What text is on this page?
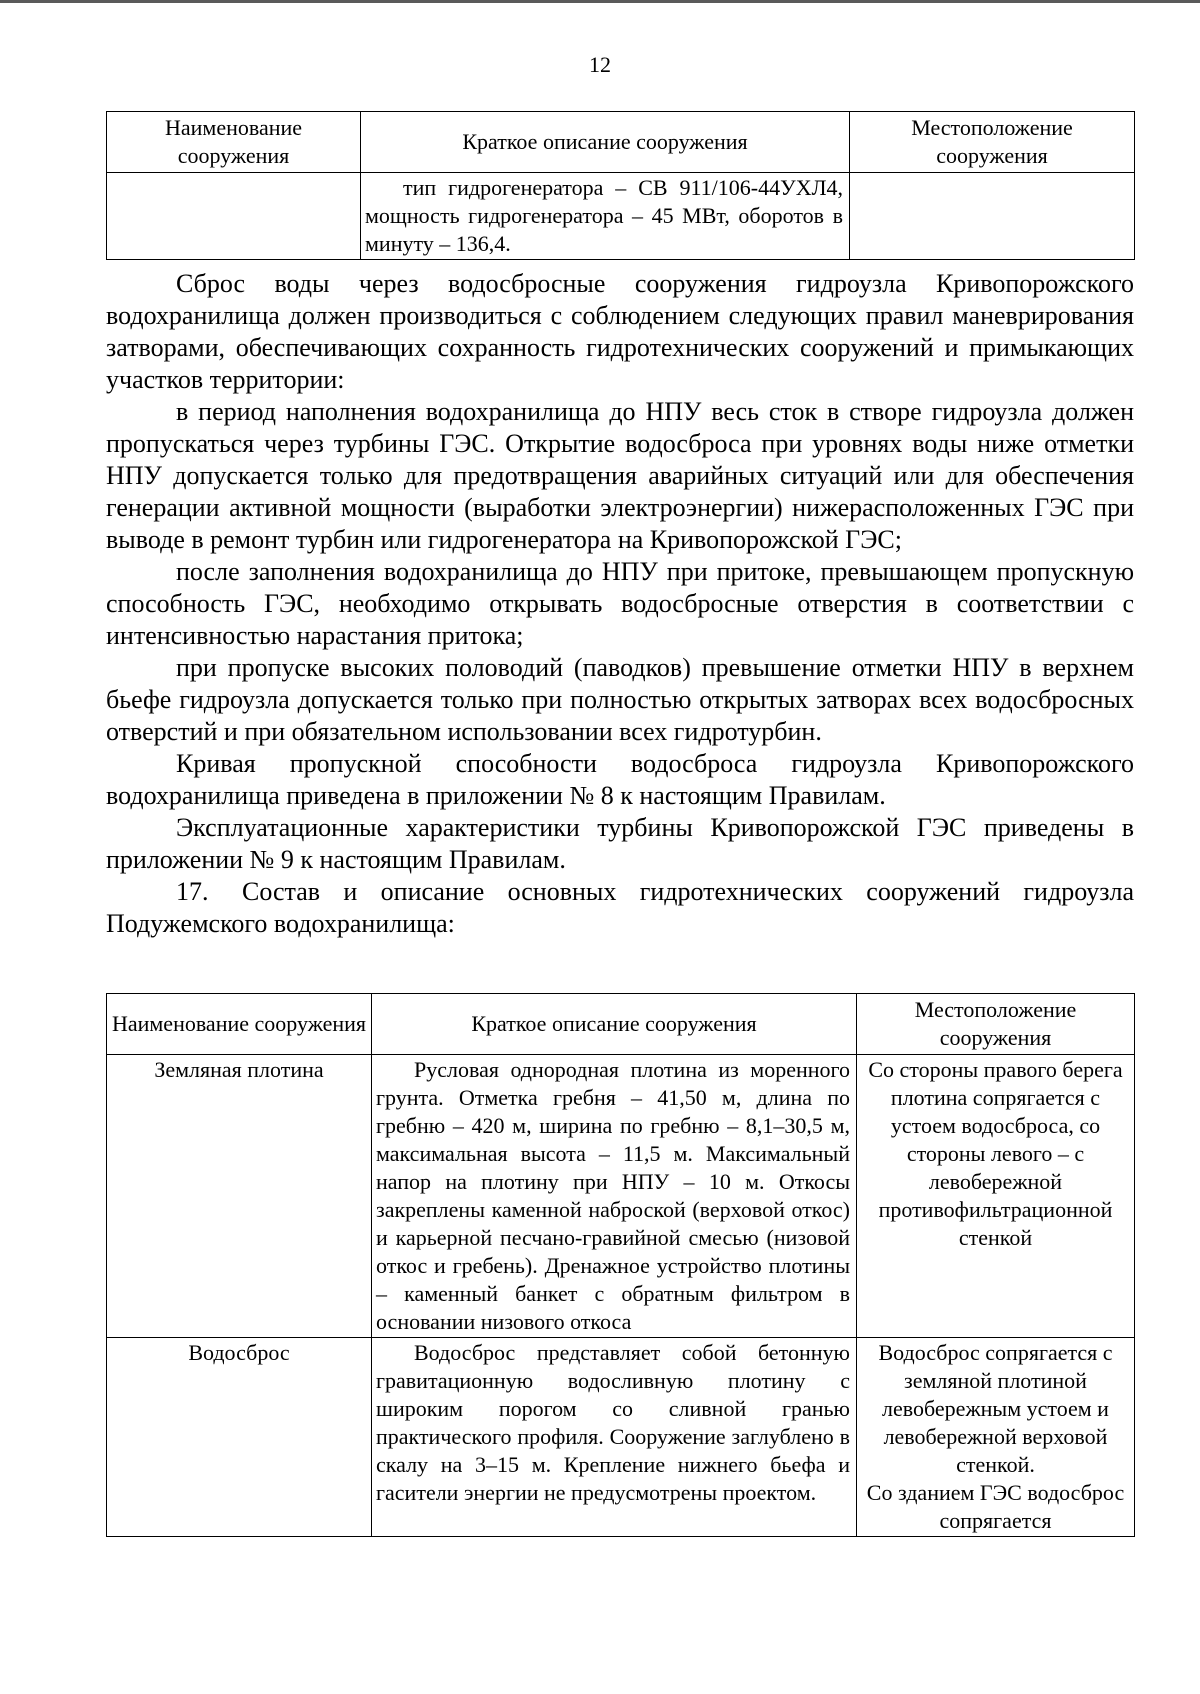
12
Наименование сооружения	Краткое описание сооружения	Местоположение сооружения
	тип гидрогенератора – СВ 911/106-44УХЛ4, мощность гидрогенератора – 45 МВт, оборотов в минуту – 136,4.	

Сброс воды через водосбросные сооружения гидроузла Кривопорожского водохранилища должен производиться с соблюдением следующих правил маневрирования затворами, обеспечивающих сохранность гидротехнических сооружений и примыкающих участков территории:

в период наполнения водохранилища до НПУ весь сток в створе гидроузла должен пропускаться через турбины ГЭС. Открытие водосброса при уровнях воды ниже отметки НПУ допускается только для предотвращения аварийных ситуаций или для обеспечения генерации активной мощности (выработки электроэнергии) нижерасположенных ГЭС при выводе в ремонт турбин или гидрогенератора на Кривопорожской ГЭС;

после заполнения водохранилища до НПУ при притоке, превышающем пропускную способность ГЭС, необходимо открывать водосбросные отверстия в соответствии с интенсивностью нарастания притока;

при пропуске высоких половодий (паводков) превышение отметки НПУ в верхнем бьефе гидроузла допускается только при полностью открытых затворах всех водосбросных отверстий и при обязательном использовании всех гидротурбин.

Кривая пропускной способности водосброса гидроузла Кривопорожского водохранилища приведена в приложении № 8 к настоящим Правилам.

Эксплуатационные характеристики турбины Кривопорожской ГЭС приведены в приложении № 9 к настоящим Правилам.

17. Состав и описание основных гидротехнических сооружений гидроузла Подужемского водохранилища:

Наименование сооружения	Краткое описание сооружения	Местоположение сооружения
Земляная плотина	Русловая однородная плотина из моренного грунта. Отметка гребня – 41,50 м, длина по гребню – 420 м, ширина по гребню – 8,1–30,5 м, максимальная высота – 11,5 м. Максимальный напор на плотину при НПУ – 10 м. Откосы закреплены каменной наброской (верховой откос) и карьерной песчано-гравийной смесью (низовой откос и гребень). Дренажное устройство плотины – каменный банкет с обратным фильтром в основании низового откоса	Со стороны правого берега плотина сопрягается с устоем водосброса, со стороны левого – с левобережной противофильтрационной стенкой
Водосброс	Водосброс представляет собой бетонную гравитационную водосливную плотину с широким порогом со сливной гранью практического профиля. Сооружение заглублено в скалу на 3–15 м. Крепление нижнего бьефа и гасители энергии не предусмотрены проектом.	Водосброс сопрягается с земляной плотиной левобережным устоем и левобережной верховой стенкой.
Со зданием ГЭС водосброс сопрягается
